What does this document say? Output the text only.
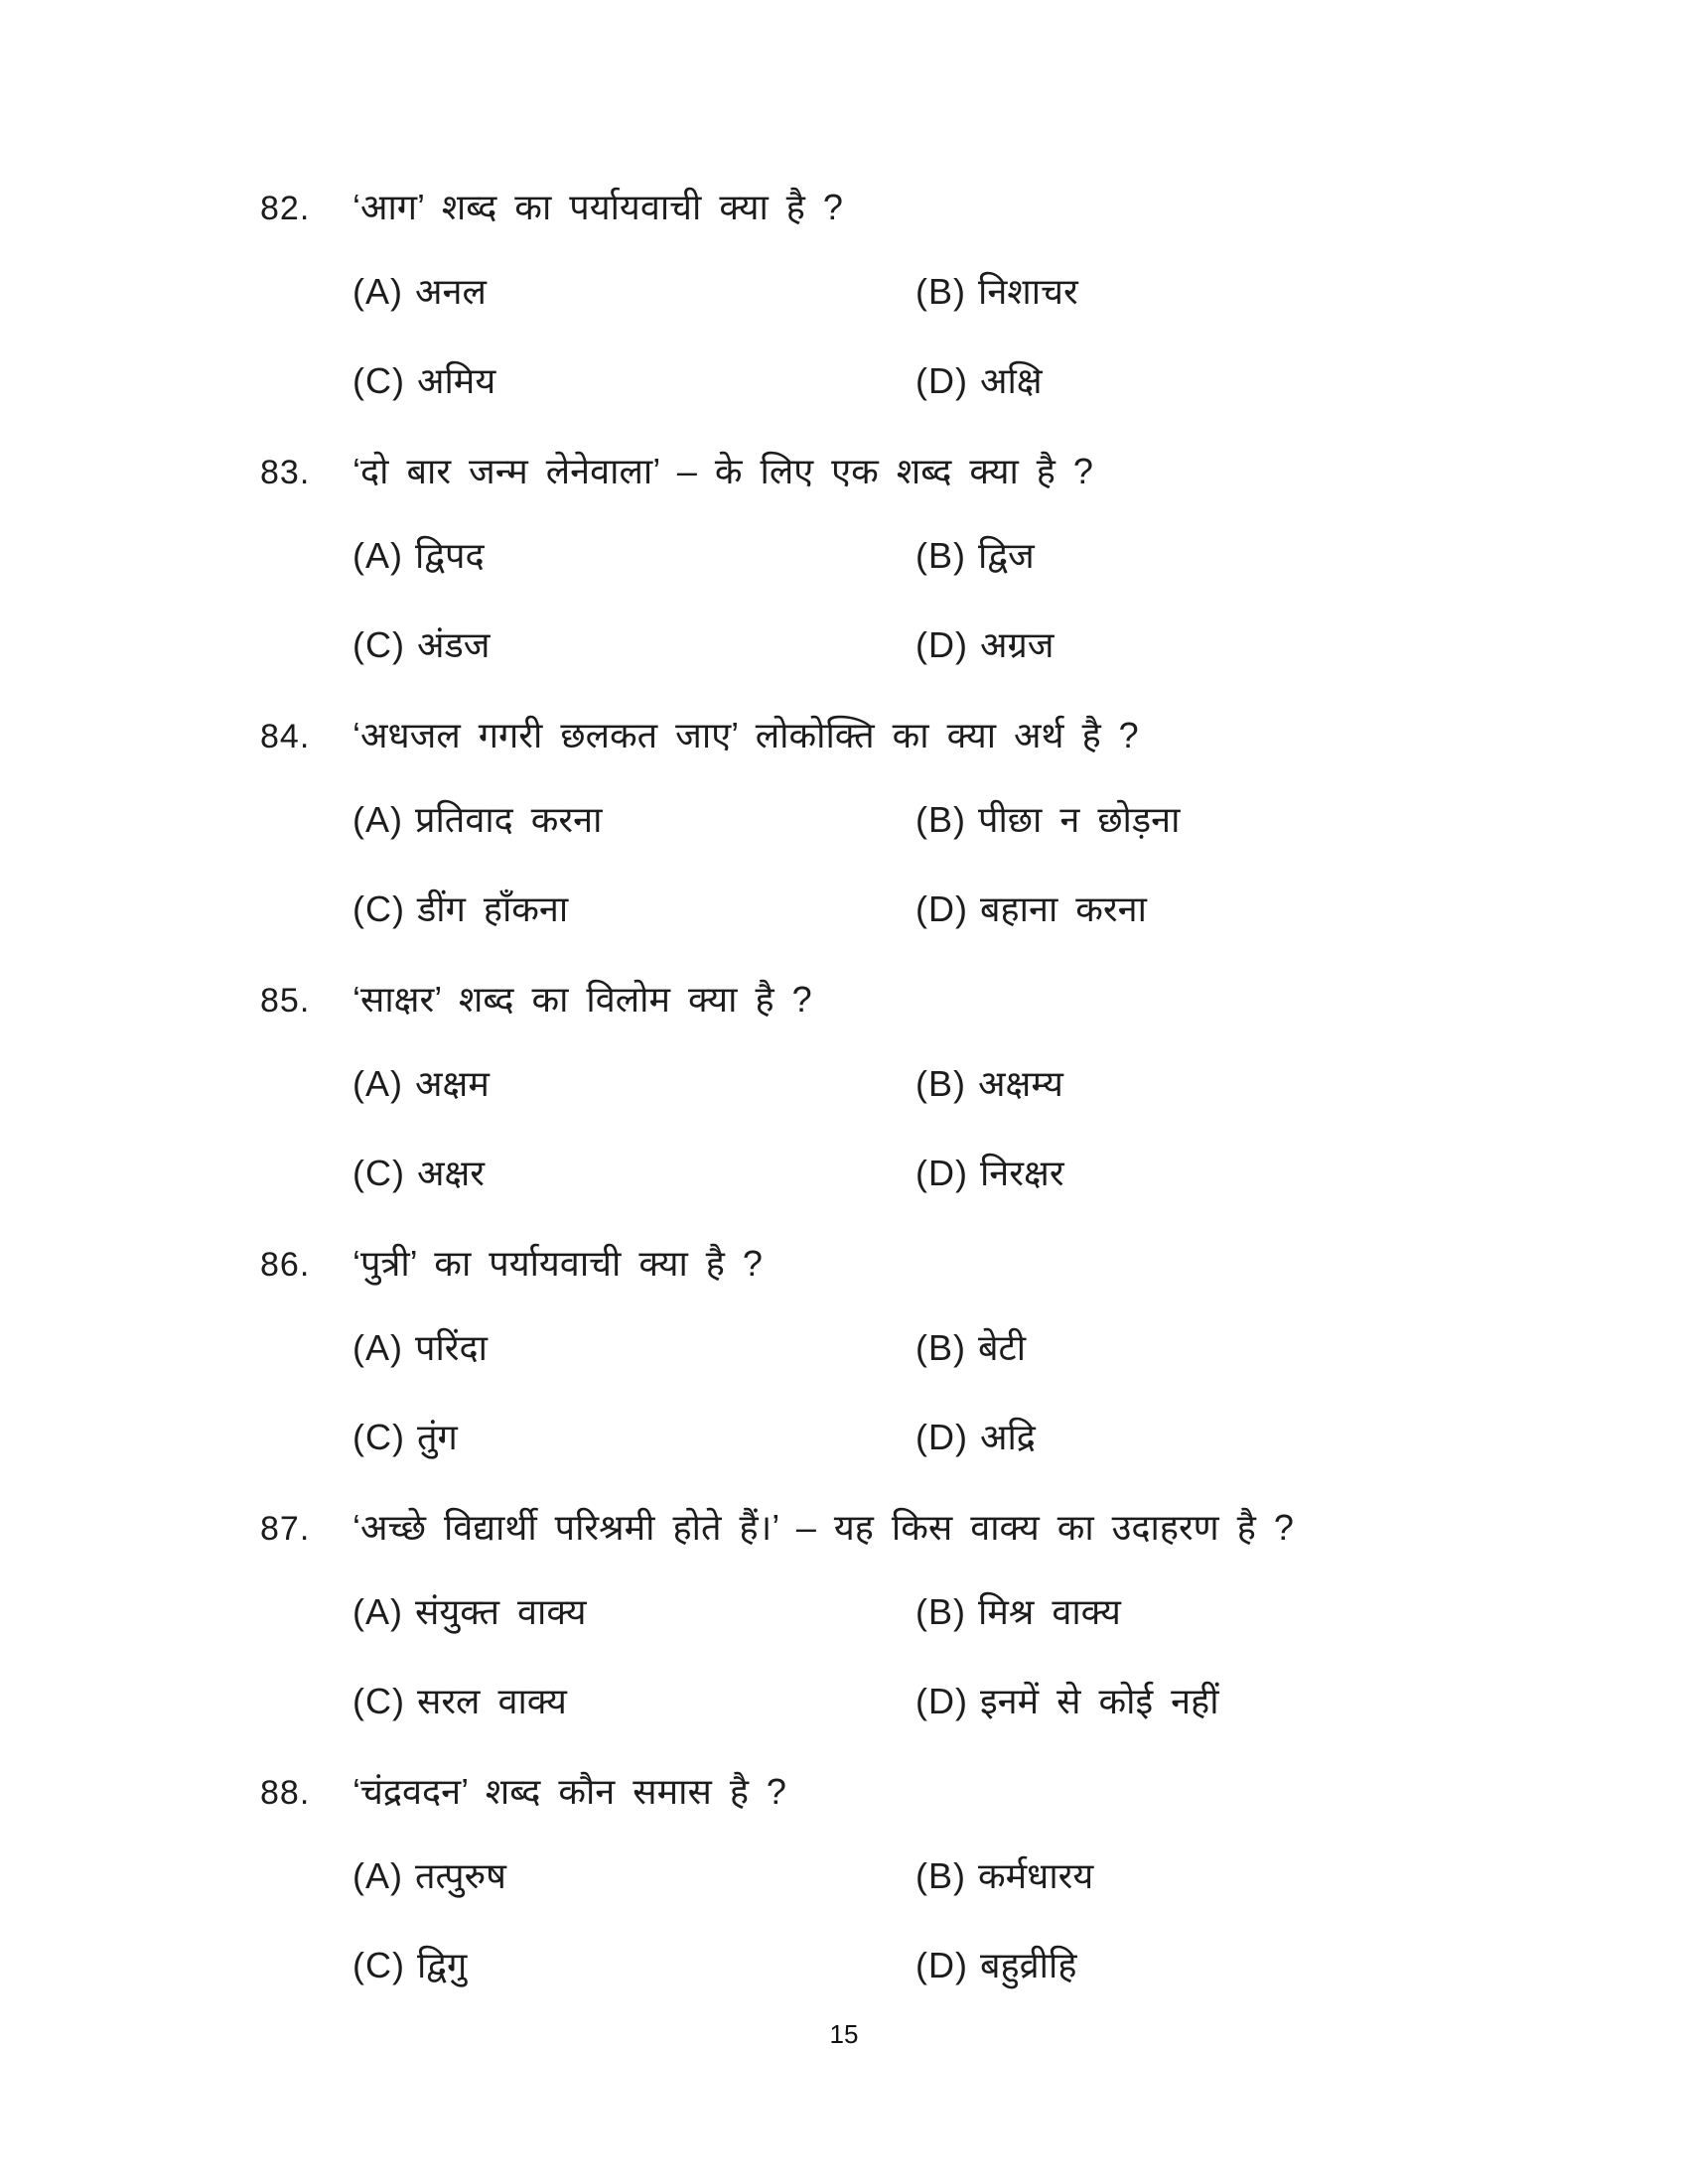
82.	‘आग’ शब्द का पर्यायवाची क्या है ?
(A) अनल	(B) निशाचर
(C) अमिय	(D) अक्षि
83.	‘दो बार जन्म लेनेवाला’ – के लिए एक शब्द क्या है ?
(A) द्विपद	(B) द्विज
(C) अंडज	(D) अग्रज
84.	‘अधजल गगरी छलकत जाए’ लोकोक्ति का क्या अर्थ है ?
(A) प्रतिवाद करना	(B) पीछा न छोड़ना
(C) डींग हाँकना	(D) बहाना करना
85.	‘साक्षर’ शब्द का विलोम क्या है ?
(A) अक्षम	(B) अक्षम्य
(C) अक्षर	(D) निरक्षर
86.	‘पुत्री’ का पर्यायवाची क्या है ?
(A) परिंदा	(B) बेटी
(C) तुंग	(D) अद्रि
87.	‘अच्छे विद्यार्थी परिश्रमी होते हैं।’ – यह किस वाक्य का उदाहरण है ?
(A) संयुक्त वाक्य	(B) मिश्र वाक्य
(C) सरल वाक्य	(D) इनमें से कोई नहीं
88.	‘चंद्रवदन’ शब्द कौन समास है ?
(A) तत्पुरुष	(B) कर्मधारय
(C) द्विगु	(D) बहुव्रीहि
15
